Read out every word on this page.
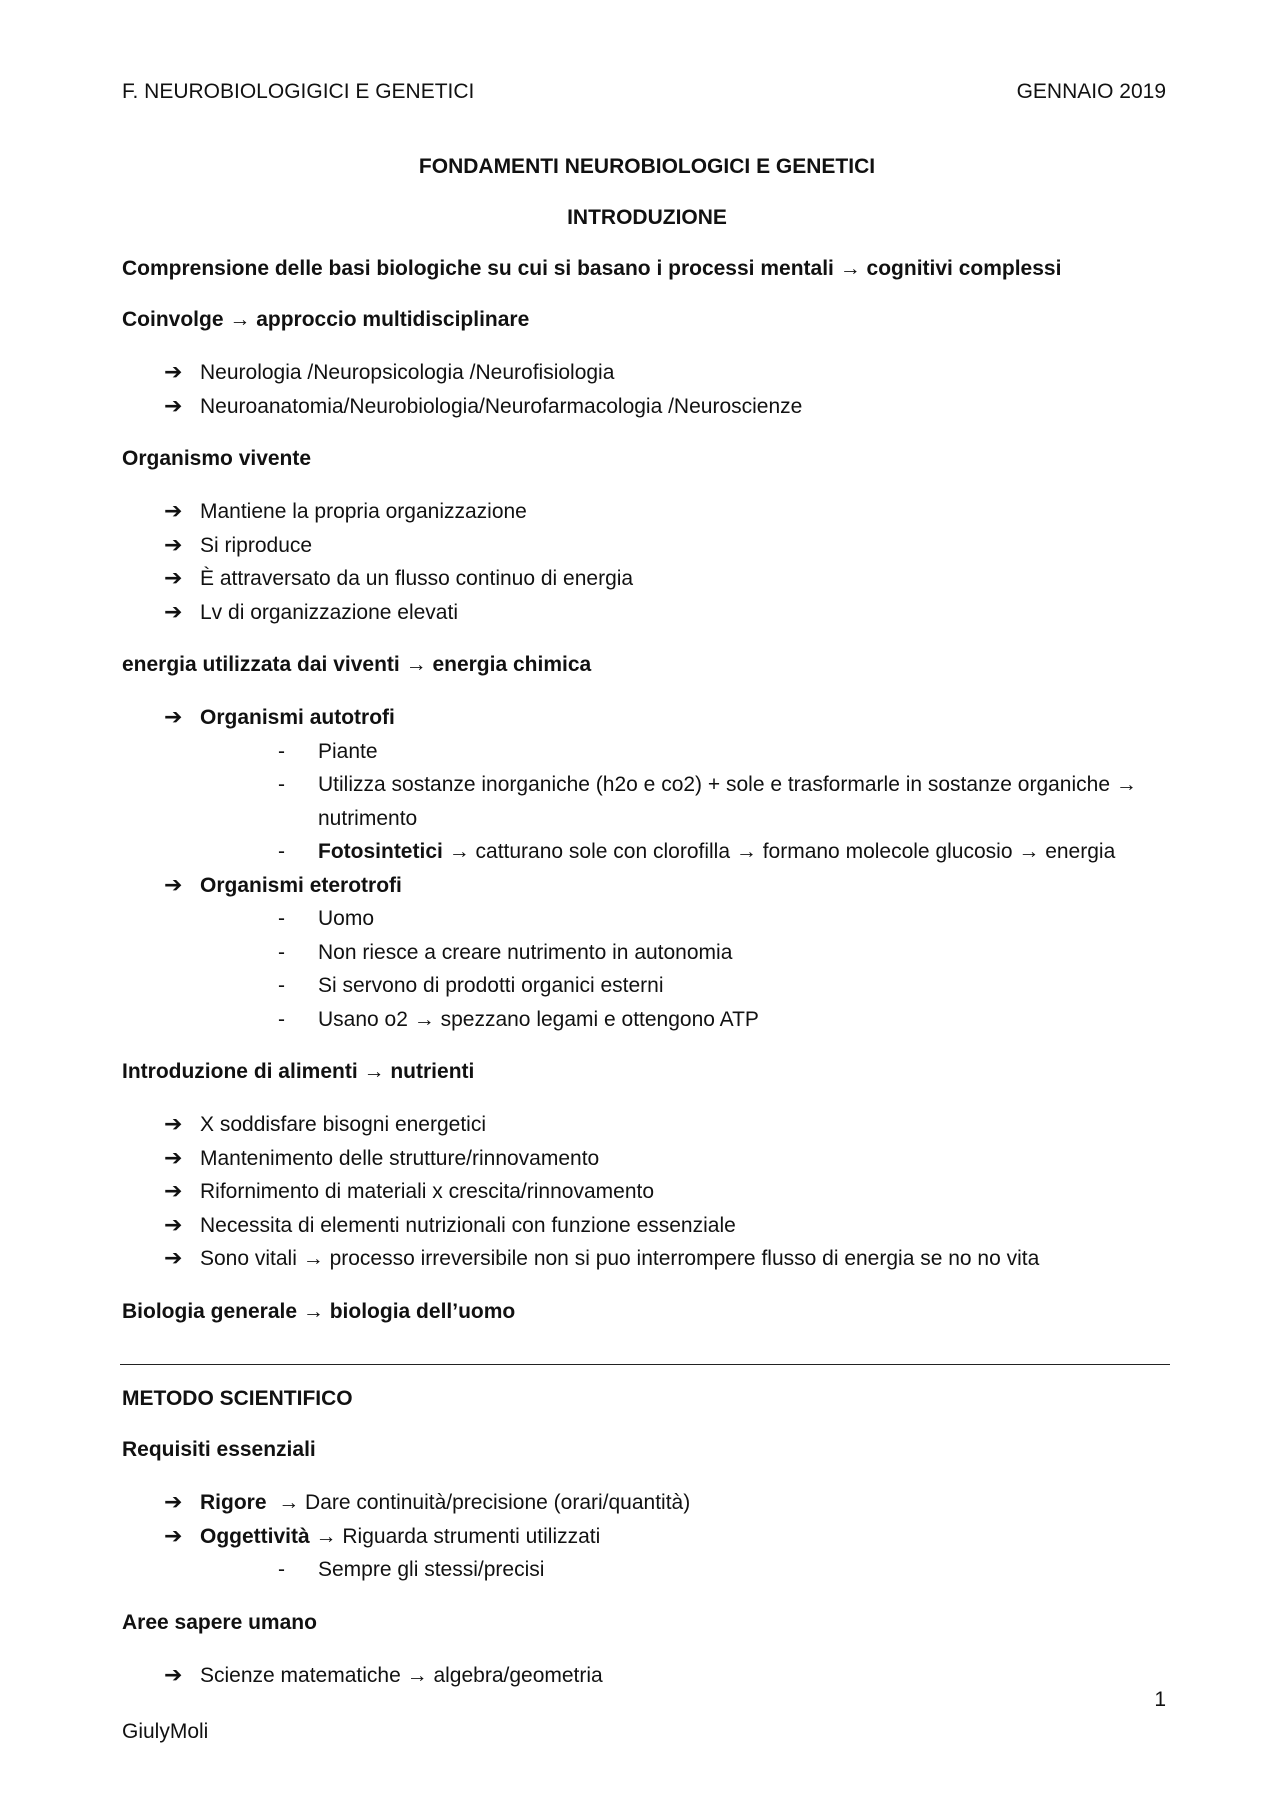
F. NEUROBIOLOGIGICI E GENETICI	GENNAIO 2019
FONDAMENTI NEUROBIOLOGICI E GENETICI
INTRODUZIONE
Comprensione delle basi biologiche su cui si basano i processi mentali → cognitivi complessi
Coinvolge → approccio multidisciplinare
➔ Neurologia /Neuropsicologia /Neurofisiologia
➔ Neuroanatomia/Neurobiologia/Neurofarmacologia /Neuroscienze
Organismo vivente
➔ Mantiene la propria organizzazione
➔ Si riproduce
➔ È attraversato da un flusso continuo di energia
➔ Lv di organizzazione elevati
energia utilizzata dai viventi → energia chimica
➔ Organismi autotrofi
- Piante
- Utilizza sostanze inorganiche (h2o e co2) + sole e trasformarle in sostanze organiche →
nutrimento
- Fotosintetici → catturano sole con clorofilla → formano molecole glucosio → energia
➔ Organismi eterotrofi
- Uomo
- Non riesce a creare nutrimento in autonomia
- Si servono di prodotti organici esterni
- Usano o2 → spezzano legami e ottengono ATP
Introduzione di alimenti → nutrienti
➔ X soddisfare bisogni energetici
➔ Mantenimento delle strutture/rinnovamento
➔ Rifornimento di materiali x crescita/rinnovamento
➔ Necessita di elementi nutrizionali con funzione essenziale
➔ Sono vitali → processo irreversibile non si puo interrompere flusso di energia se no no vita
Biologia generale → biologia dell’uomo
METODO SCIENTIFICO
Requisiti essenziali
➔ Rigore → Dare continuità/precisione (orari/quantità)
➔ Oggettività → Riguarda strumenti utilizzati
- Sempre gli stessi/precisi
Aree sapere umano
➔ Scienze matematiche → algebra/geometria
1
GiulyMoli
